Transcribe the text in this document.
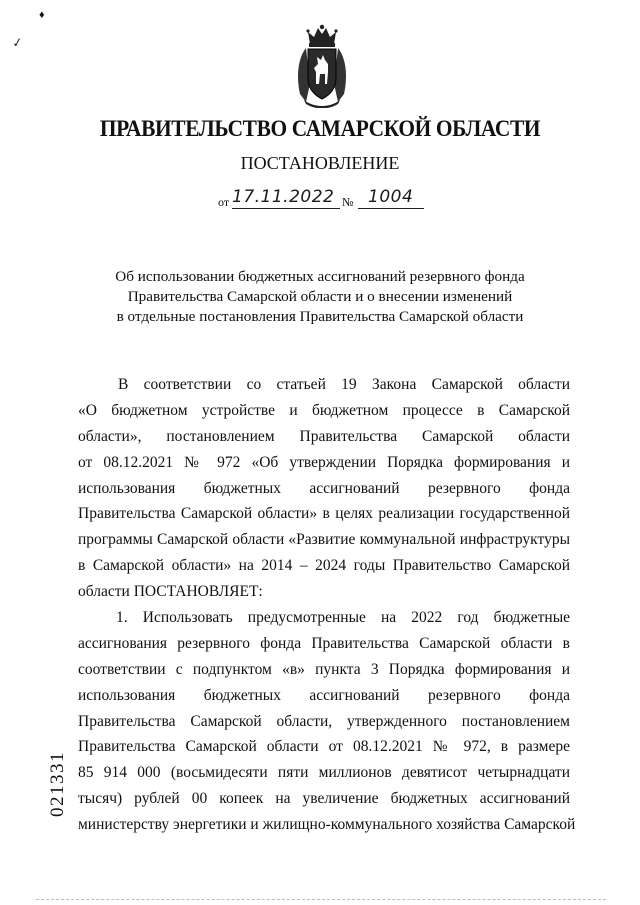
♦
✓
ПРАВИТЕЛЬСТВО САМАРСКОЙ ОБЛАСТИ
ПОСТАНОВЛЕНИЕ
от 17.11.2022 № 1004
Об использовании бюджетных ассигнований резервного фонда
Правительства Самарской области и о внесении изменений
в отдельные постановления Правительства Самарской области
В соответствии со статьей 19 Закона Самарской области
«О бюджетном устройстве и бюджетном процессе в Самарской
области», постановлением Правительства Самарской области
от 08.12.2021 № 972 «Об утверждении Порядка формирования и
использования бюджетных ассигнований резервного фонда
Правительства Самарской области» в целях реализации государственной
программы Самарской области «Развитие коммунальной инфраструктуры
в Самарской области» на 2014 – 2024 годы Правительство Самарской
области ПОСТАНОВЛЯЕТ:
1. Использовать предусмотренные на 2022 год бюджетные
ассигнования резервного фонда Правительства Самарской области в
соответствии с подпунктом «в» пункта 3 Порядка формирования и
использования бюджетных ассигнований резервного фонда
Правительства Самарской области, утвержденного постановлением
Правительства Самарской области от 08.12.2021 № 972, в размере
85 914 000 (восьмидесяти пяти миллионов девятисот четырнадцати
тысяч) рублей 00 копеек на увеличение бюджетных ассигнований
министерству энергетики и жилищно-коммунального хозяйства Самарской
021331
